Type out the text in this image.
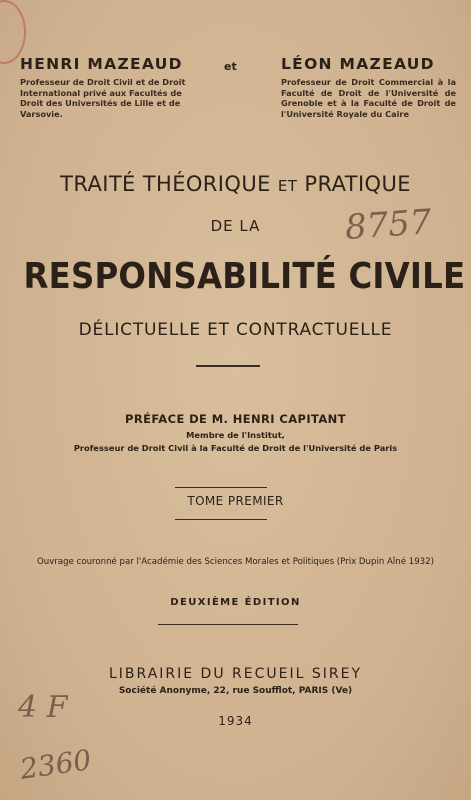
HENRI MAZEAUD
Professeur de Droit Civil et de Droit International privé aux Facultés de Droit des Universités de Lille et de Varsovie.
et	LÉON MAZEAUD
Professeur de Droit Commercial à la Faculté de Droit de l'Université de Grenoble et à la Faculté de Droit de l'Université Royale du Caire
TRAITÉ THÉORIQUE ET PRATIQUE
DE LA
RESPONSABILITÉ CIVILE
DÉLICTUELLE ET CONTRACTUELLE
PRÉFACE DE M. HENRI CAPITANT
Membre de l'Institut,
Professeur de Droit Civil à la Faculté de Droit de l'Université de Paris
TOME PREMIER
Ouvrage couronné par l'Académie des Sciences Morales et Politiques (Prix Dupin Aîné 1932)
DEUXIÈME ÉDITION
LIBRAIRIE DU RECUEIL SIREY
Société Anonyme, 22, rue Soufflot, PARIS (Ve)
1934
8757
4 F
2360
